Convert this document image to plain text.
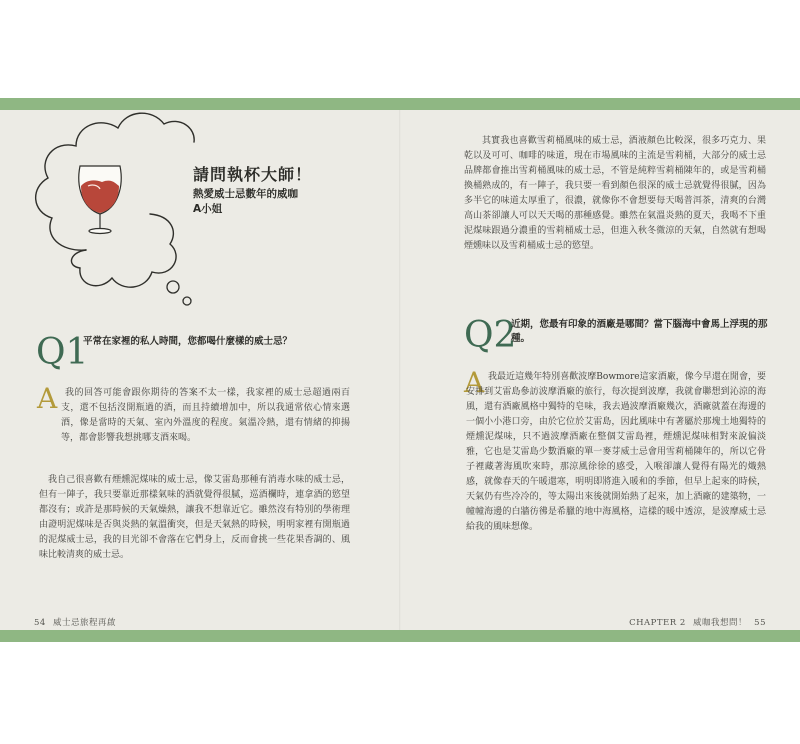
請問執杯大師！
熱愛威士忌數年的威咖
A小姐
Q1
平常在家裡的私人時間，您都喝什麼樣的威士忌？
A 我的回答可能會跟你期待的答案不太一樣，我家裡的威士忌超過兩百支，還不包括沒開瓶過的酒，而且持續增加中，所以我通常依心情來選酒，像是當時的天氣、室內外溫度的程度。氣溫冷熱，還有情緒的抑揚等，都會影響我想挑哪支酒來喝。

我自己很喜歡有煙燻泥煤味的威士忌，像艾雷島那種有消毒水味的威士忌，但有一陣子，我只要靠近那樣氣味的酒就覺得很膩，巡酒欄時，連拿酒的慾望都沒有；或許是那時候的天氣燥熱，讓我不想靠近它。雖然沒有特別的學術理由證明泥煤味是否與炎熱的氣溫衝突，但是天氣熱的時候，明明家裡有開瓶過的泥煤威士忌，我的目光卻不會落在它們身上，反而會挑一些花果香調的、風味比較清爽的威士忌。

54 威士忌旅程再啟

其實我也喜歡雪莉桶風味的威士忌，酒液顏色比較深，很多巧克力、果乾以及可可、咖啡的味道，現在市場風味的主流是雪莉桶，大部分的威士忌品牌都會推出雪莉桶風味的威士忌，不管是純粹雪莉桶陳年的，或是雪莉桶換桶熟成的，有一陣子，我只要一看到顏色很深的威士忌就覺得很膩，因為多半它的味道太厚重了，很濃，就像你不會想要每天喝普洱茶，清爽的台灣高山茶卻讓人可以天天喝的那種感覺。雖然在氣溫炎熱的夏天，我喝不下重泥煤味跟過分濃重的雪莉桶威士忌，但進入秋冬微涼的天氣，自然就有想喝煙燻味以及雪莉桶威士忌的慾望。

Q2
近期，您最有印象的酒廠是哪間？當下腦海中會馬上浮現的那種。
A 我最近這幾年特別喜歡波摩Bowmore這家酒廠，像今早還在閒會，要安排到艾雷島參訪波摩酒廠的旅行，每次提到波摩，我就會聯想到沁涼的海風，還有酒廠風格中獨特的皂味，我去過波摩酒廠幾次，酒廠就蓋在海邊的一個小小港口旁，由於它位於艾雷島，因此風味中有著屬於那塊土地獨特的煙燻泥煤味，只不過波摩酒廠在整個艾雷島裡，煙燻泥煤味相對來說偏淡雅，它也是艾雷島少數酒廠的單一麥芽威士忌會用雪莉桶陳年的，所以它骨子裡藏著海風吹來時，那涼風徐徐的感受，入喉卻讓人覺得有陽光的熾熱感，就像春天的午暖還寒，明明即將進入暖和的季節，但早上起來的時候，天氣仍有些冷冷的，等太陽出來後就開始熱了起來，加上酒廠的建築物，一幢幢海邊的白牆彷彿是希臘的地中海風格，這樣的暖中透涼，是波摩威士忌給我的風味想像。

CHAPTER 2 威咖我想問！ 55
